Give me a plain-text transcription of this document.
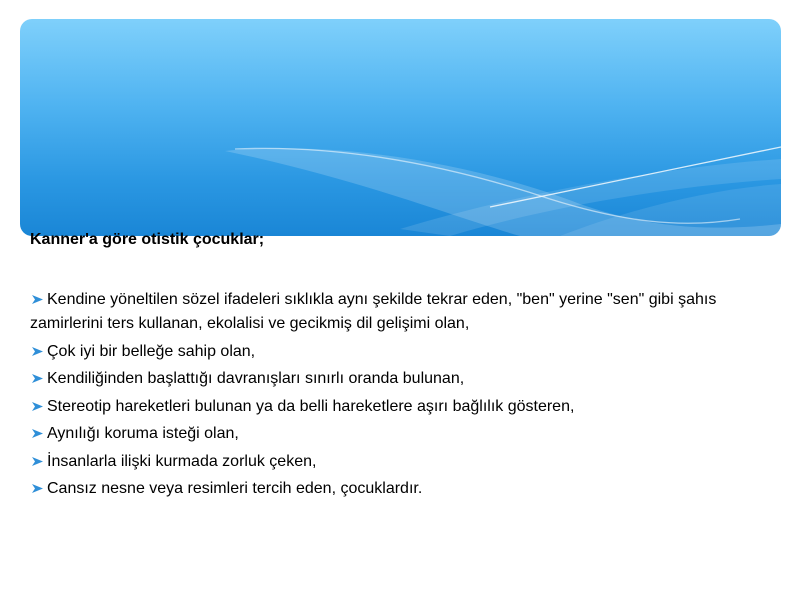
Kanner'a göre otistik çocuklar;
Kendine yöneltilen sözel ifadeleri sıklıkla aynı şekilde tekrar eden, "ben" yerine "sen" gibi şahıs zamirlerini ters kullanan, ekolalisi ve gecikmiş dil gelişimi olan,
Çok iyi bir belleğe sahip olan,
Kendiliğinden başlattığı davranışları sınırlı oranda bulunan,
Stereotip hareketleri bulunan ya da belli hareketlere aşırı bağlılık gösteren,
Aynılığı koruma isteği olan,
İnsanlarla ilişki kurmada zorluk çeken,
Cansız nesne veya resimleri tercih eden, çocuklardır.
